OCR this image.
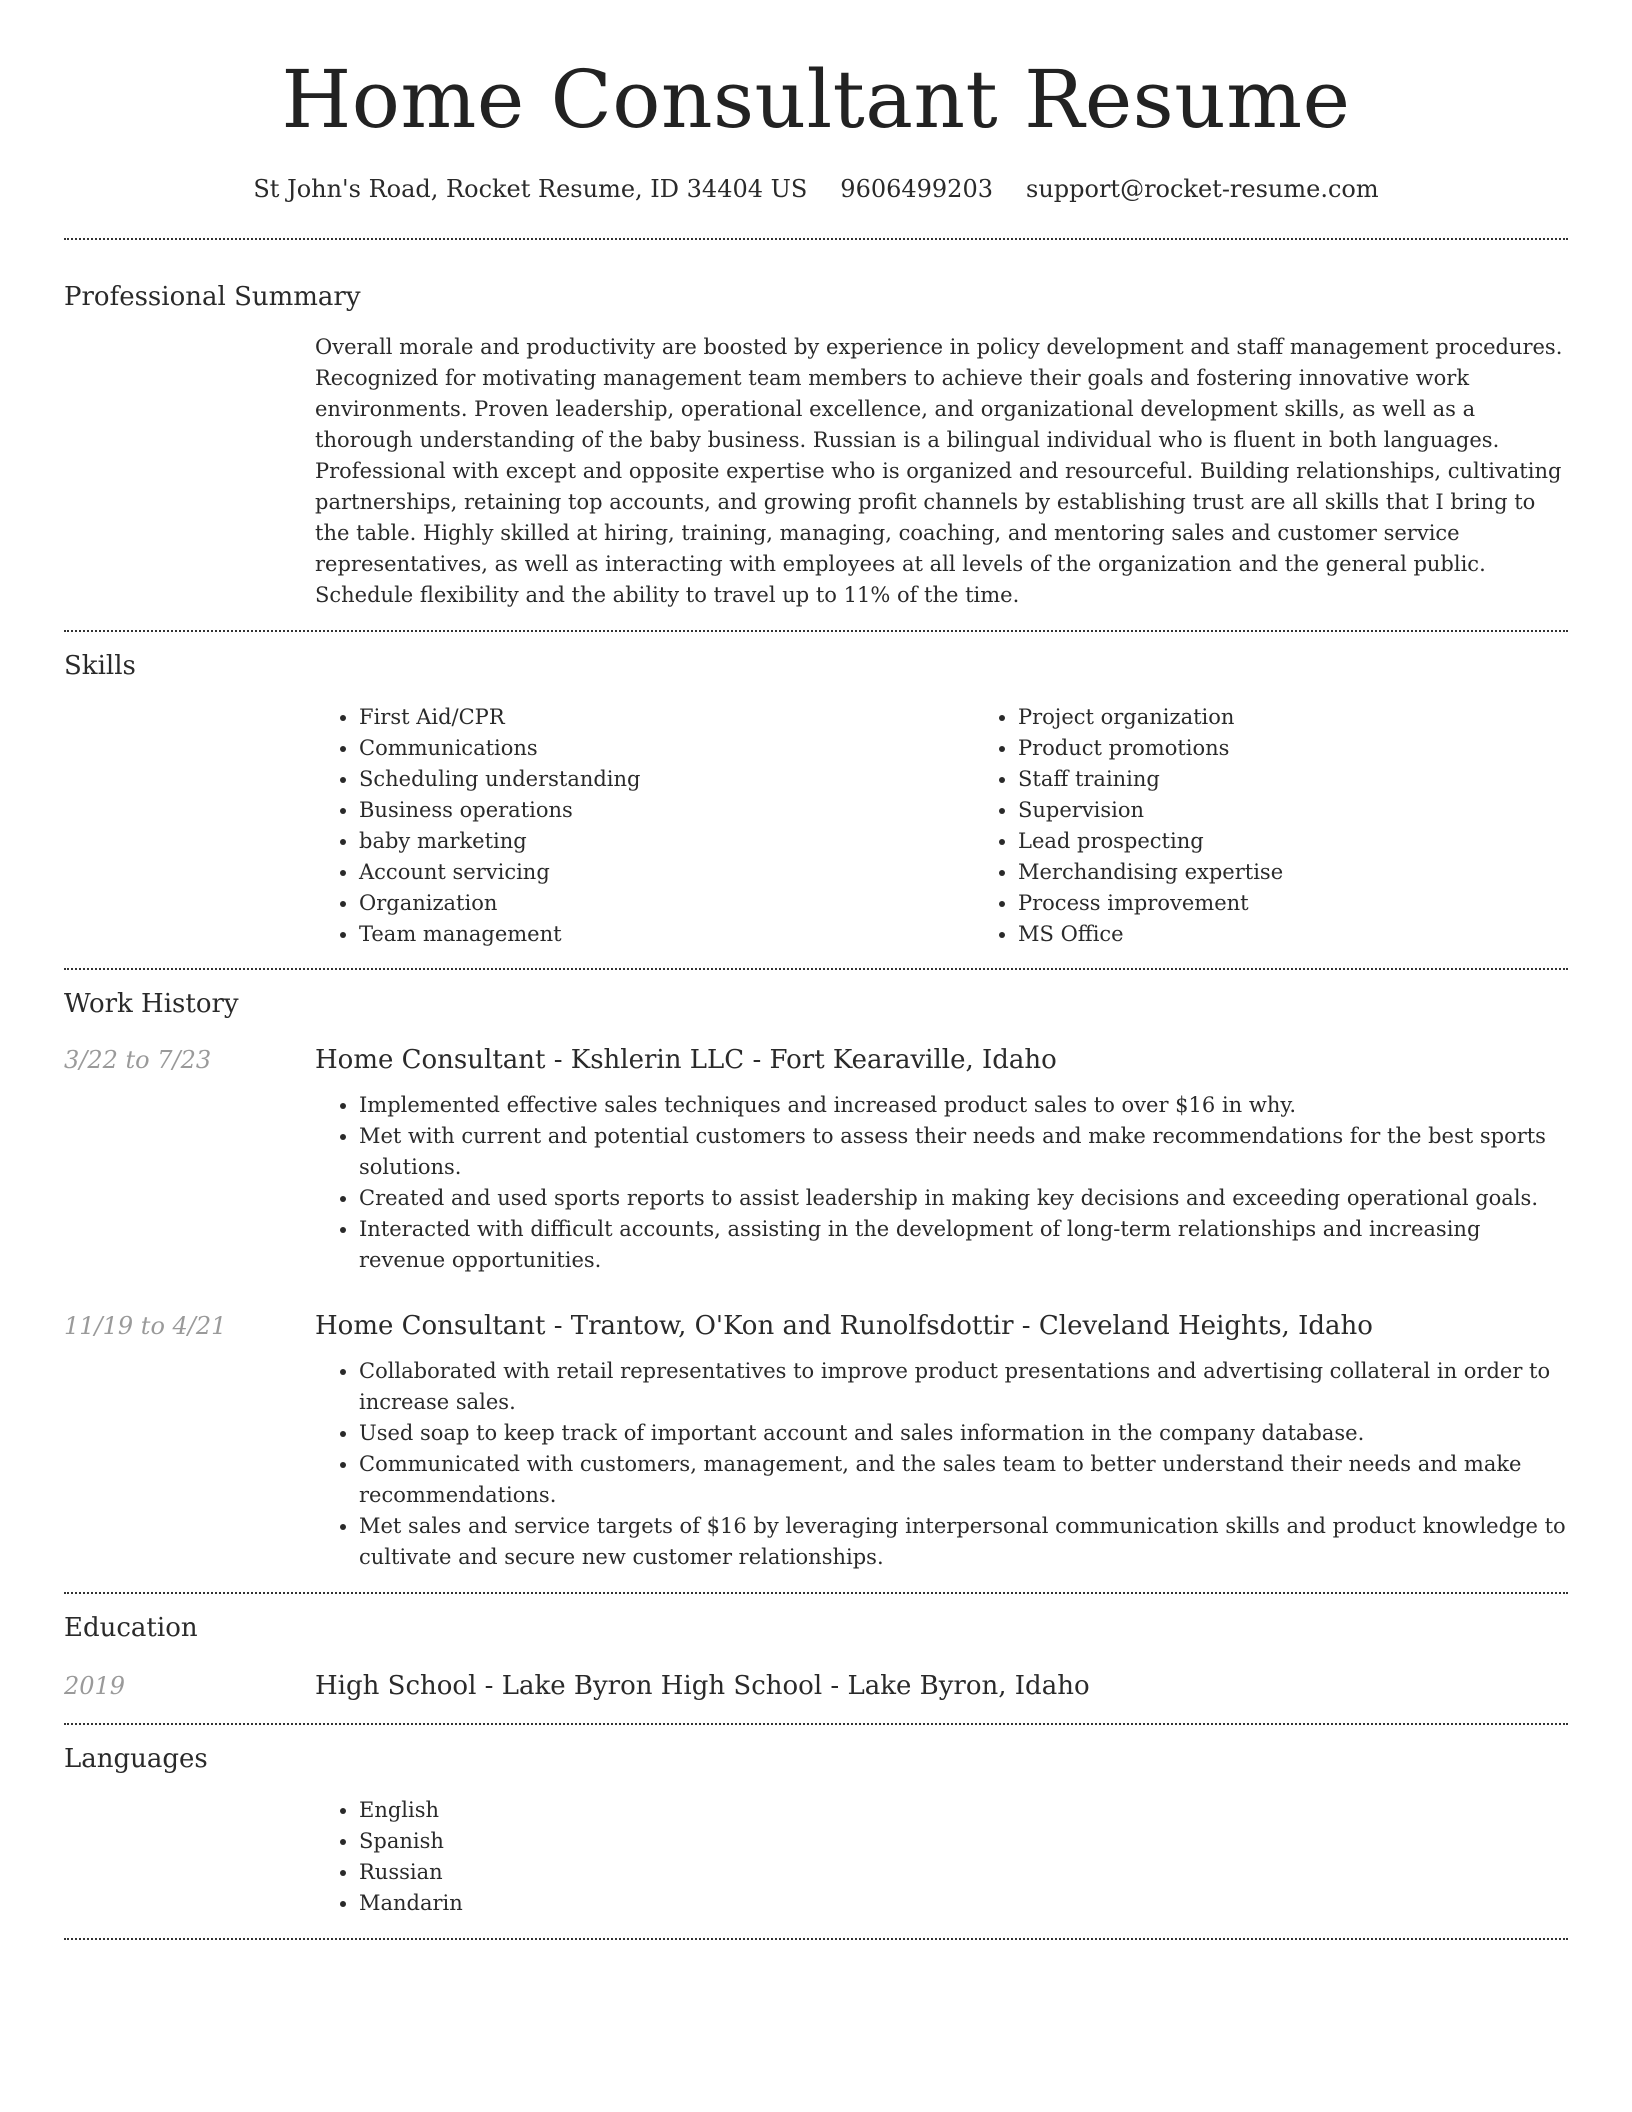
Home Consultant Resume
St John's Road, Rocket Resume, ID 34404 US 9606499203 support@rocket-resume.com
Professional Summary

Overall morale and productivity are boosted by experience in policy development and staff management procedures. Recognized for motivating management team members to achieve their goals and fostering innovative work environments. Proven leadership, operational excellence, and organizational development skills, as well as a thorough understanding of the baby business. Russian is a bilingual individual who is fluent in both languages. Professional with except and opposite expertise who is organized and resourceful. Building relationships, cultivating partnerships, retaining top accounts, and growing profit channels by establishing trust are all skills that I bring to the table. Highly skilled at hiring, training, managing, coaching, and mentoring sales and customer service representatives, as well as interacting with employees at all levels of the organization and the general public. Schedule flexibility and the ability to travel up to 11% of the time.

Skills
• First Aid/CPR
• Communications
• Scheduling understanding
• Business operations
• baby marketing
• Account servicing
• Organization
• Team management
• Project organization
• Product promotions
• Staff training
• Supervision
• Lead prospecting
• Merchandising expertise
• Process improvement
• MS Office
Work History
3/22 to 7/23	Home Consultant - Kshlerin LLC - Fort Kearaville, Idaho
• Implemented effective sales techniques and increased product sales to over $16 in why.
• Met with current and potential customers to assess their needs and make recommendations for the best sports solutions.
• Created and used sports reports to assist leadership in making key decisions and exceeding operational goals.
• Interacted with difficult accounts, assisting in the development of long-term relationships and increasing revenue opportunities.
11/19 to 4/21	Home Consultant - Trantow, O'Kon and Runolfsdottir - Cleveland Heights, Idaho
• Collaborated with retail representatives to improve product presentations and advertising collateral in order to increase sales.
• Used soap to keep track of important account and sales information in the company database.
• Communicated with customers, management, and the sales team to better understand their needs and make recommendations.
• Met sales and service targets of $16 by leveraging interpersonal communication skills and product knowledge to cultivate and secure new customer relationships.
Education
2019	High School - Lake Byron High School - Lake Byron, Idaho
Languages
• English
• Spanish
• Russian
• Mandarin
